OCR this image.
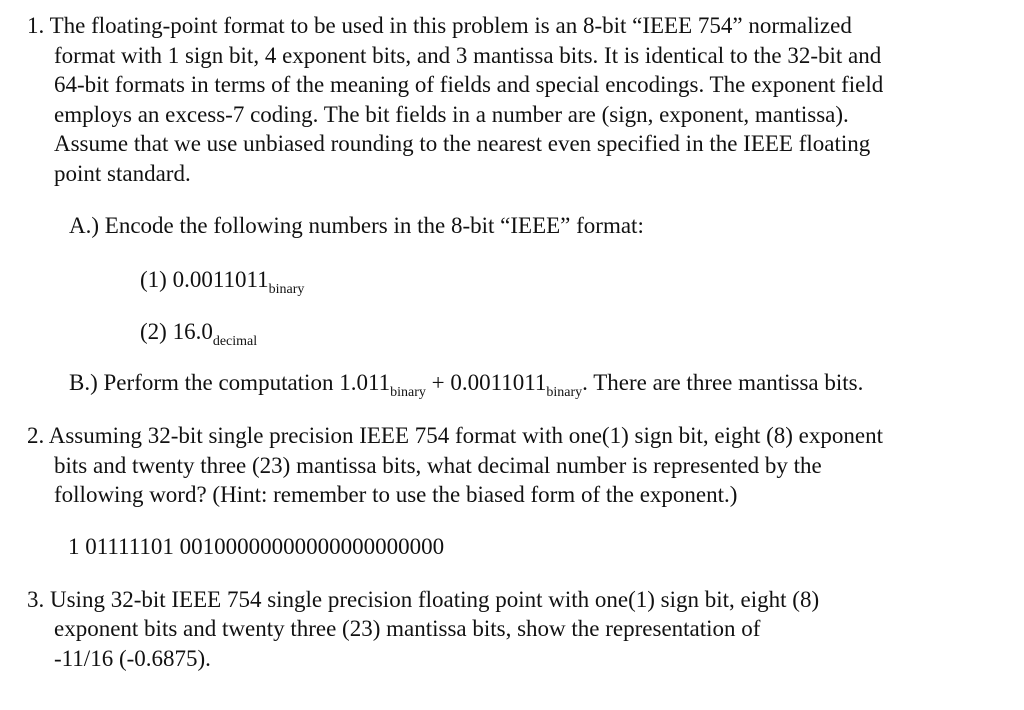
1. The floating-point format to be used in this problem is an 8-bit “IEEE 754” normalized
format with 1 sign bit, 4 exponent bits, and 3 mantissa bits. It is identical to the 32-bit and
64-bit formats in terms of the meaning of fields and special encodings. The exponent field
employs an excess-7 coding. The bit fields in a number are (sign, exponent, mantissa).
Assume that we use unbiased rounding to the nearest even specified in the IEEE floating
point standard.
A.) Encode the following numbers in the 8-bit “IEEE” format:
(1) $0.0011011_{binary}$
(2) $16.0_{decimal}$
B.) Perform the computation $1.011_{binary} + 0.0011011_{binary}$. There are three mantissa bits.
2. Assuming 32-bit single precision IEEE 754 format with one(1) sign bit, eight (8) exponent
bits and twenty three (23) mantissa bits, what decimal number is represented by the
following word? (Hint: remember to use the biased form of the exponent.)
1 01111101 00100000000000000000000
3. Using 32-bit IEEE 754 single precision floating point with one(1) sign bit, eight (8)
exponent bits and twenty three (23) mantissa bits, show the representation of
-11/16 (-0.6875).
